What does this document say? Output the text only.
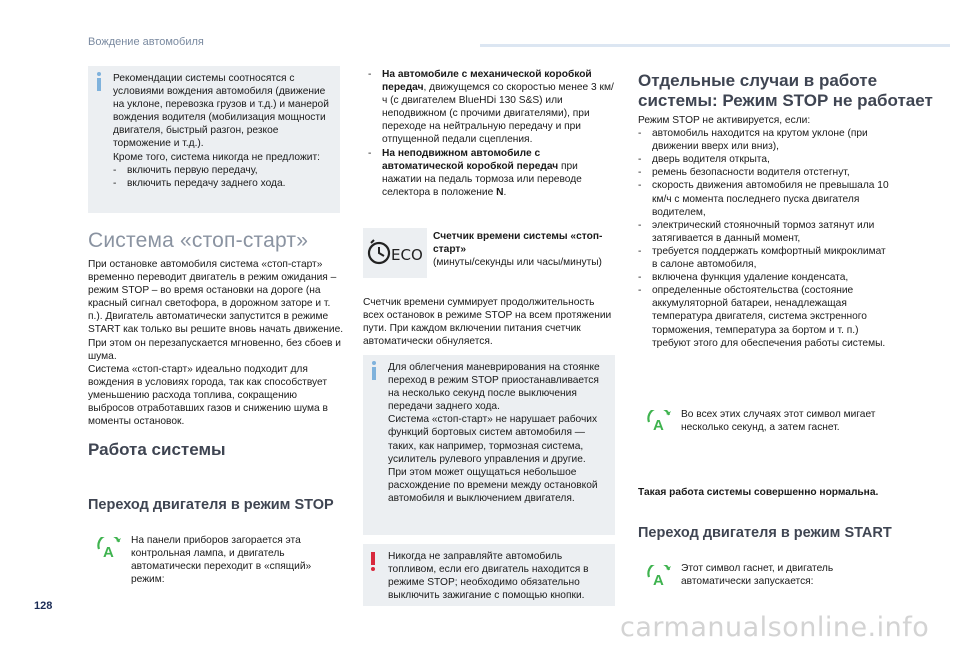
Вождение автомобиля

Рекомендации системы соотносятся с условиями вождения автомобиля (движение на уклоне, перевозка грузов и т.д.) и манерой вождения водителя (мобилизация мощности двигателя, быстрый разгон, резкое торможение и т.д.).

Кроме того, система никогда не предложит:

- включить первую передачу,
- включить передачу заднего хода.
Система «стоп-старт»

При остановке автомобиля система «стоп-старт» временно переводит двигатель в режим ожидания – режим STOP – во время остановки на дороге (на красный сигнал светофора, в дорожном заторе и т. п.). Двигатель автоматически запустится в режиме START как только вы решите вновь начать движение.

При этом он перезапускается мгновенно, без сбоев и шума.

Система «стоп-старт» идеально подходит для вождения в условиях города, так как способствует уменьшению расхода топлива, сокращению выбросов отработавших газов и снижению шума в моменты остановок.

Работа системы
Переход двигателя в режим STOP
A
На панели приборов загорается эта контрольная лампа, и двигатель автоматически переходит в «спящий» режим:
- На автомобиле с механической коробкой передач, движущемся со скоростью менее 3 км/ч (с двигателем BlueHDi 130 S&S) или неподвижном (с прочими двигателями), при переходе на нейтральную передачу и при отпущенной педали сцепления.
- На неподвижном автомобиле с автоматической коробкой передач при нажатии на педаль тормоза или переводе селектора в положение N.
ECO

Счетчик времени системы «стоп-старт»

(минуты/секунды или часы/минуты)

Счетчик времени суммирует продолжительность всех остановок в режиме STOP на всем протяжении пути. При каждом включении питания счетчик автоматически обнуляется.

Для облегчения маневрирования на стоянке переход в режим STOP приостанавливается на несколько секунд после выключения передачи заднего хода.

Система «стоп-старт» не нарушает рабочих функций бортовых систем автомобиля — таких, как например, тормозная система, усилитель рулевого управления и другие.

При этом может ощущаться небольшое расхождение по времени между остановкой автомобиля и выключением двигателя.

Никогда не заправляйте автомобиль топливом, если его двигатель находится в режиме STOP; необходимо обязательно выключить зажигание с помощью кнопки.
Отдельные случаи в работе
системы: Режим STOP не работает

Режим STOP не активируется, если:

- автомобиль находится на крутом уклоне (при движении вверх или вниз),
- дверь водителя открыта,
- ремень безопасности водителя отстегнут,
- скорость движения автомобиля не превышала 10 км/ч с момента последнего пуска двигателя водителем,
- электрический стояночный тормоз затянут или затягивается в данный момент,
- требуется поддержать комфортный микроклимат в салоне автомобиля,
- включена функция удаление конденсата,
- определенные обстоятельства (состояние аккумуляторной батареи, ненадлежащая температура двигателя, система экстренного торможения, температура за бортом и т. п.) требуют этого для обеспечения работы системы.
A
Во всех этих случаях этот символ мигает несколько секунд, а затем гаснет.
Такая работа системы совершенно нормальна.
Переход двигателя в режим START
A
Этот символ гаснет, и двигатель автоматически запускается:
128
carmanualsonline.info
